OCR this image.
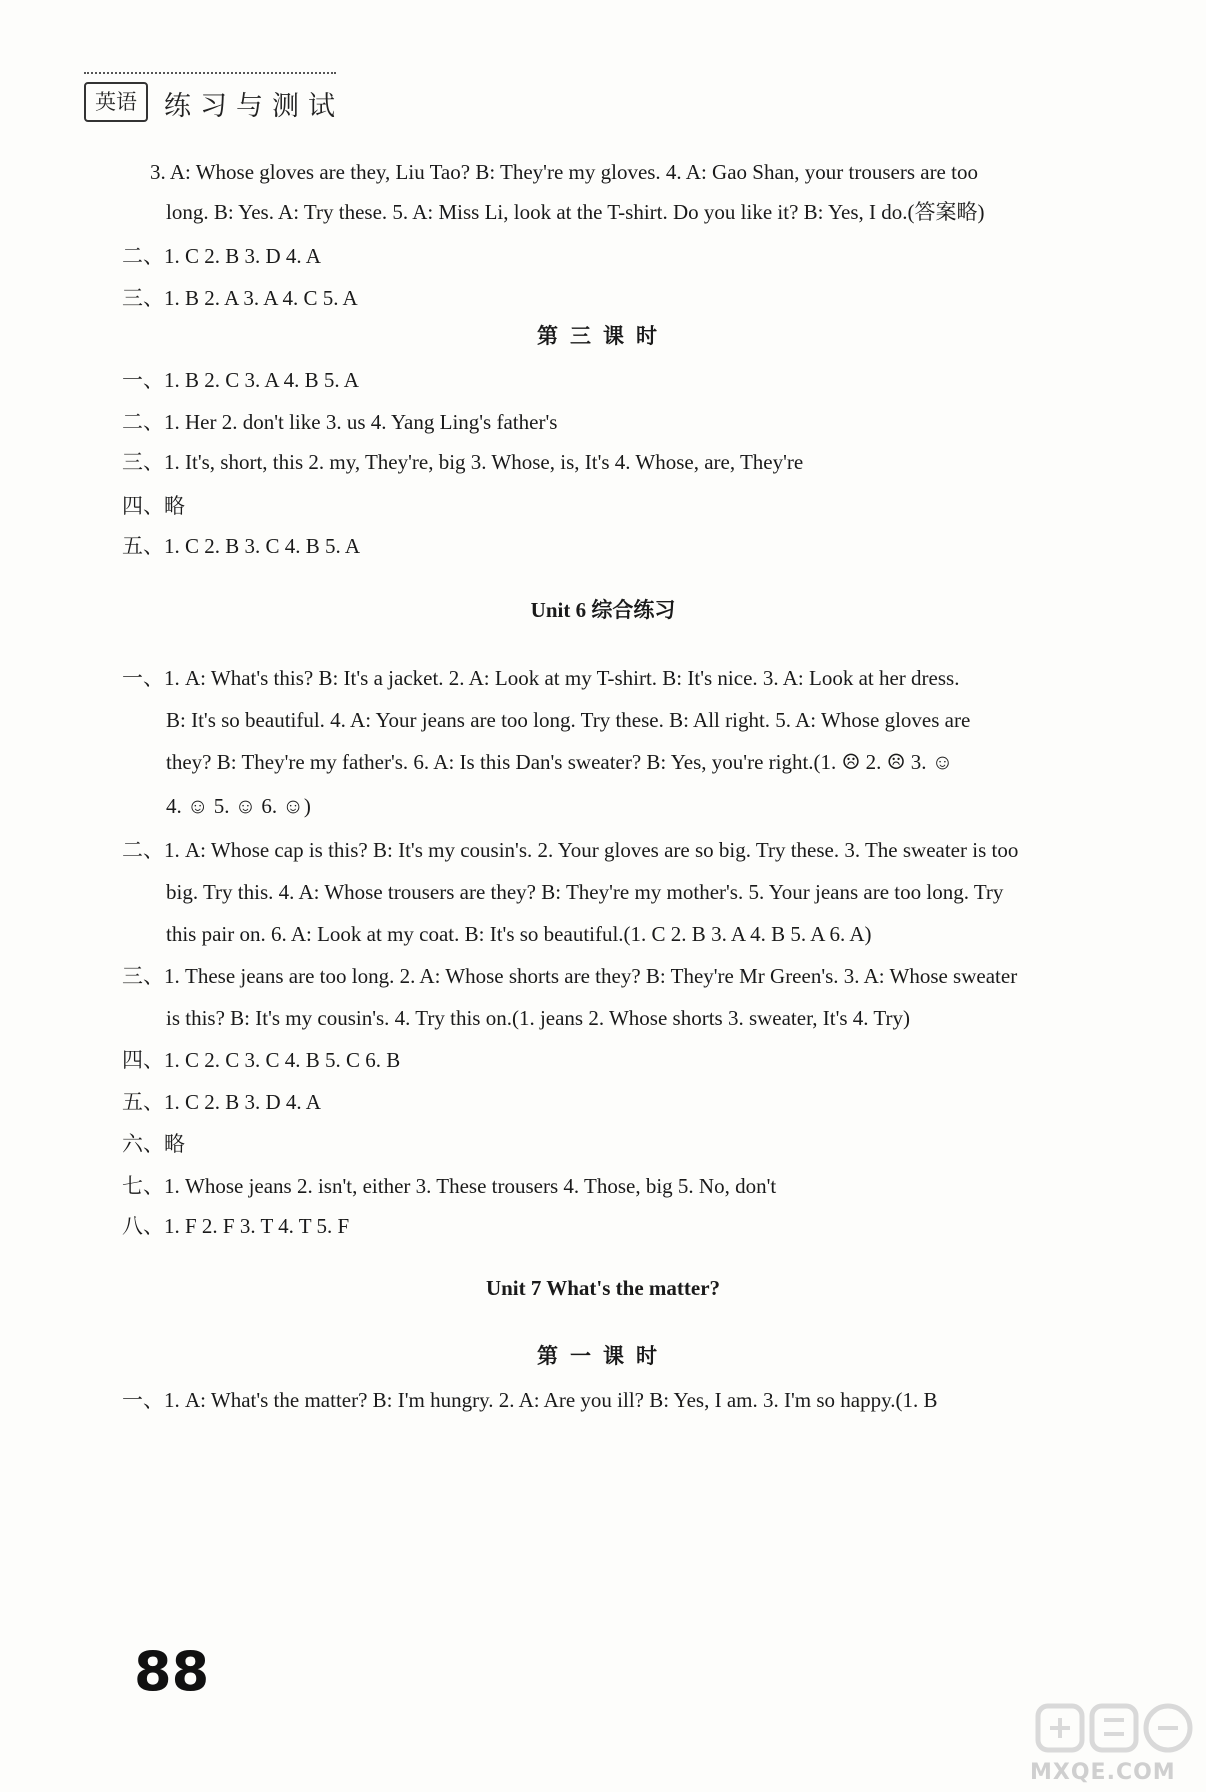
英语	练习与测试
3. A: Whose gloves are they, Liu Tao? B: They're my gloves. 4. A: Gao Shan, your trousers are too
long. B: Yes. A: Try these. 5. A: Miss Li, look at the T-shirt. Do you like it? B: Yes, I do.(答案略)
二、1. C 2. B 3. D 4. A
三、1. B 2. A 3. A 4. C 5. A
第三课时
一、1. B 2. C 3. A 4. B 5. A
二、1. Her 2. don't like 3. us 4. Yang Ling's father's
三、1. It's, short, this 2. my, They're, big 3. Whose, is, It's 4. Whose, are, They're
四、略
五、1. C 2. B 3. C 4. B 5. A
Unit 6 综合练习
一、1. A: What's this? B: It's a jacket. 2. A: Look at my T-shirt. B: It's nice. 3. A: Look at her dress.
B: It's so beautiful. 4. A: Your jeans are too long. Try these. B: All right. 5. A: Whose gloves are
they? B: They're my father's. 6. A: Is this Dan's sweater? B: Yes, you're right.(1. ☹ 2. ☹ 3. ☺
4. ☺ 5. ☺ 6. ☺)
二、1. A: Whose cap is this? B: It's my cousin's. 2. Your gloves are so big. Try these. 3. The sweater is too
big. Try this. 4. A: Whose trousers are they? B: They're my mother's. 5. Your jeans are too long. Try
this pair on. 6. A: Look at my coat. B: It's so beautiful.(1. C 2. B 3. A 4. B 5. A 6. A)
三、1. These jeans are too long. 2. A: Whose shorts are they? B: They're Mr Green's. 3. A: Whose sweater
is this? B: It's my cousin's. 4. Try this on.(1. jeans 2. Whose shorts 3. sweater, It's 4. Try)
四、1. C 2. C 3. C 4. B 5. C 6. B
五、1. C 2. B 3. D 4. A
六、略
七、1. Whose jeans 2. isn't, either 3. These trousers 4. Those, big 5. No, don't
八、1. F 2. F 3. T 4. T 5. F
Unit 7 What's the matter?
第一课时
一、1. A: What's the matter? B: I'm hungry. 2. A: Are you ill? B: Yes, I am. 3. I'm so happy.(1. B
88
MXQE.COM
